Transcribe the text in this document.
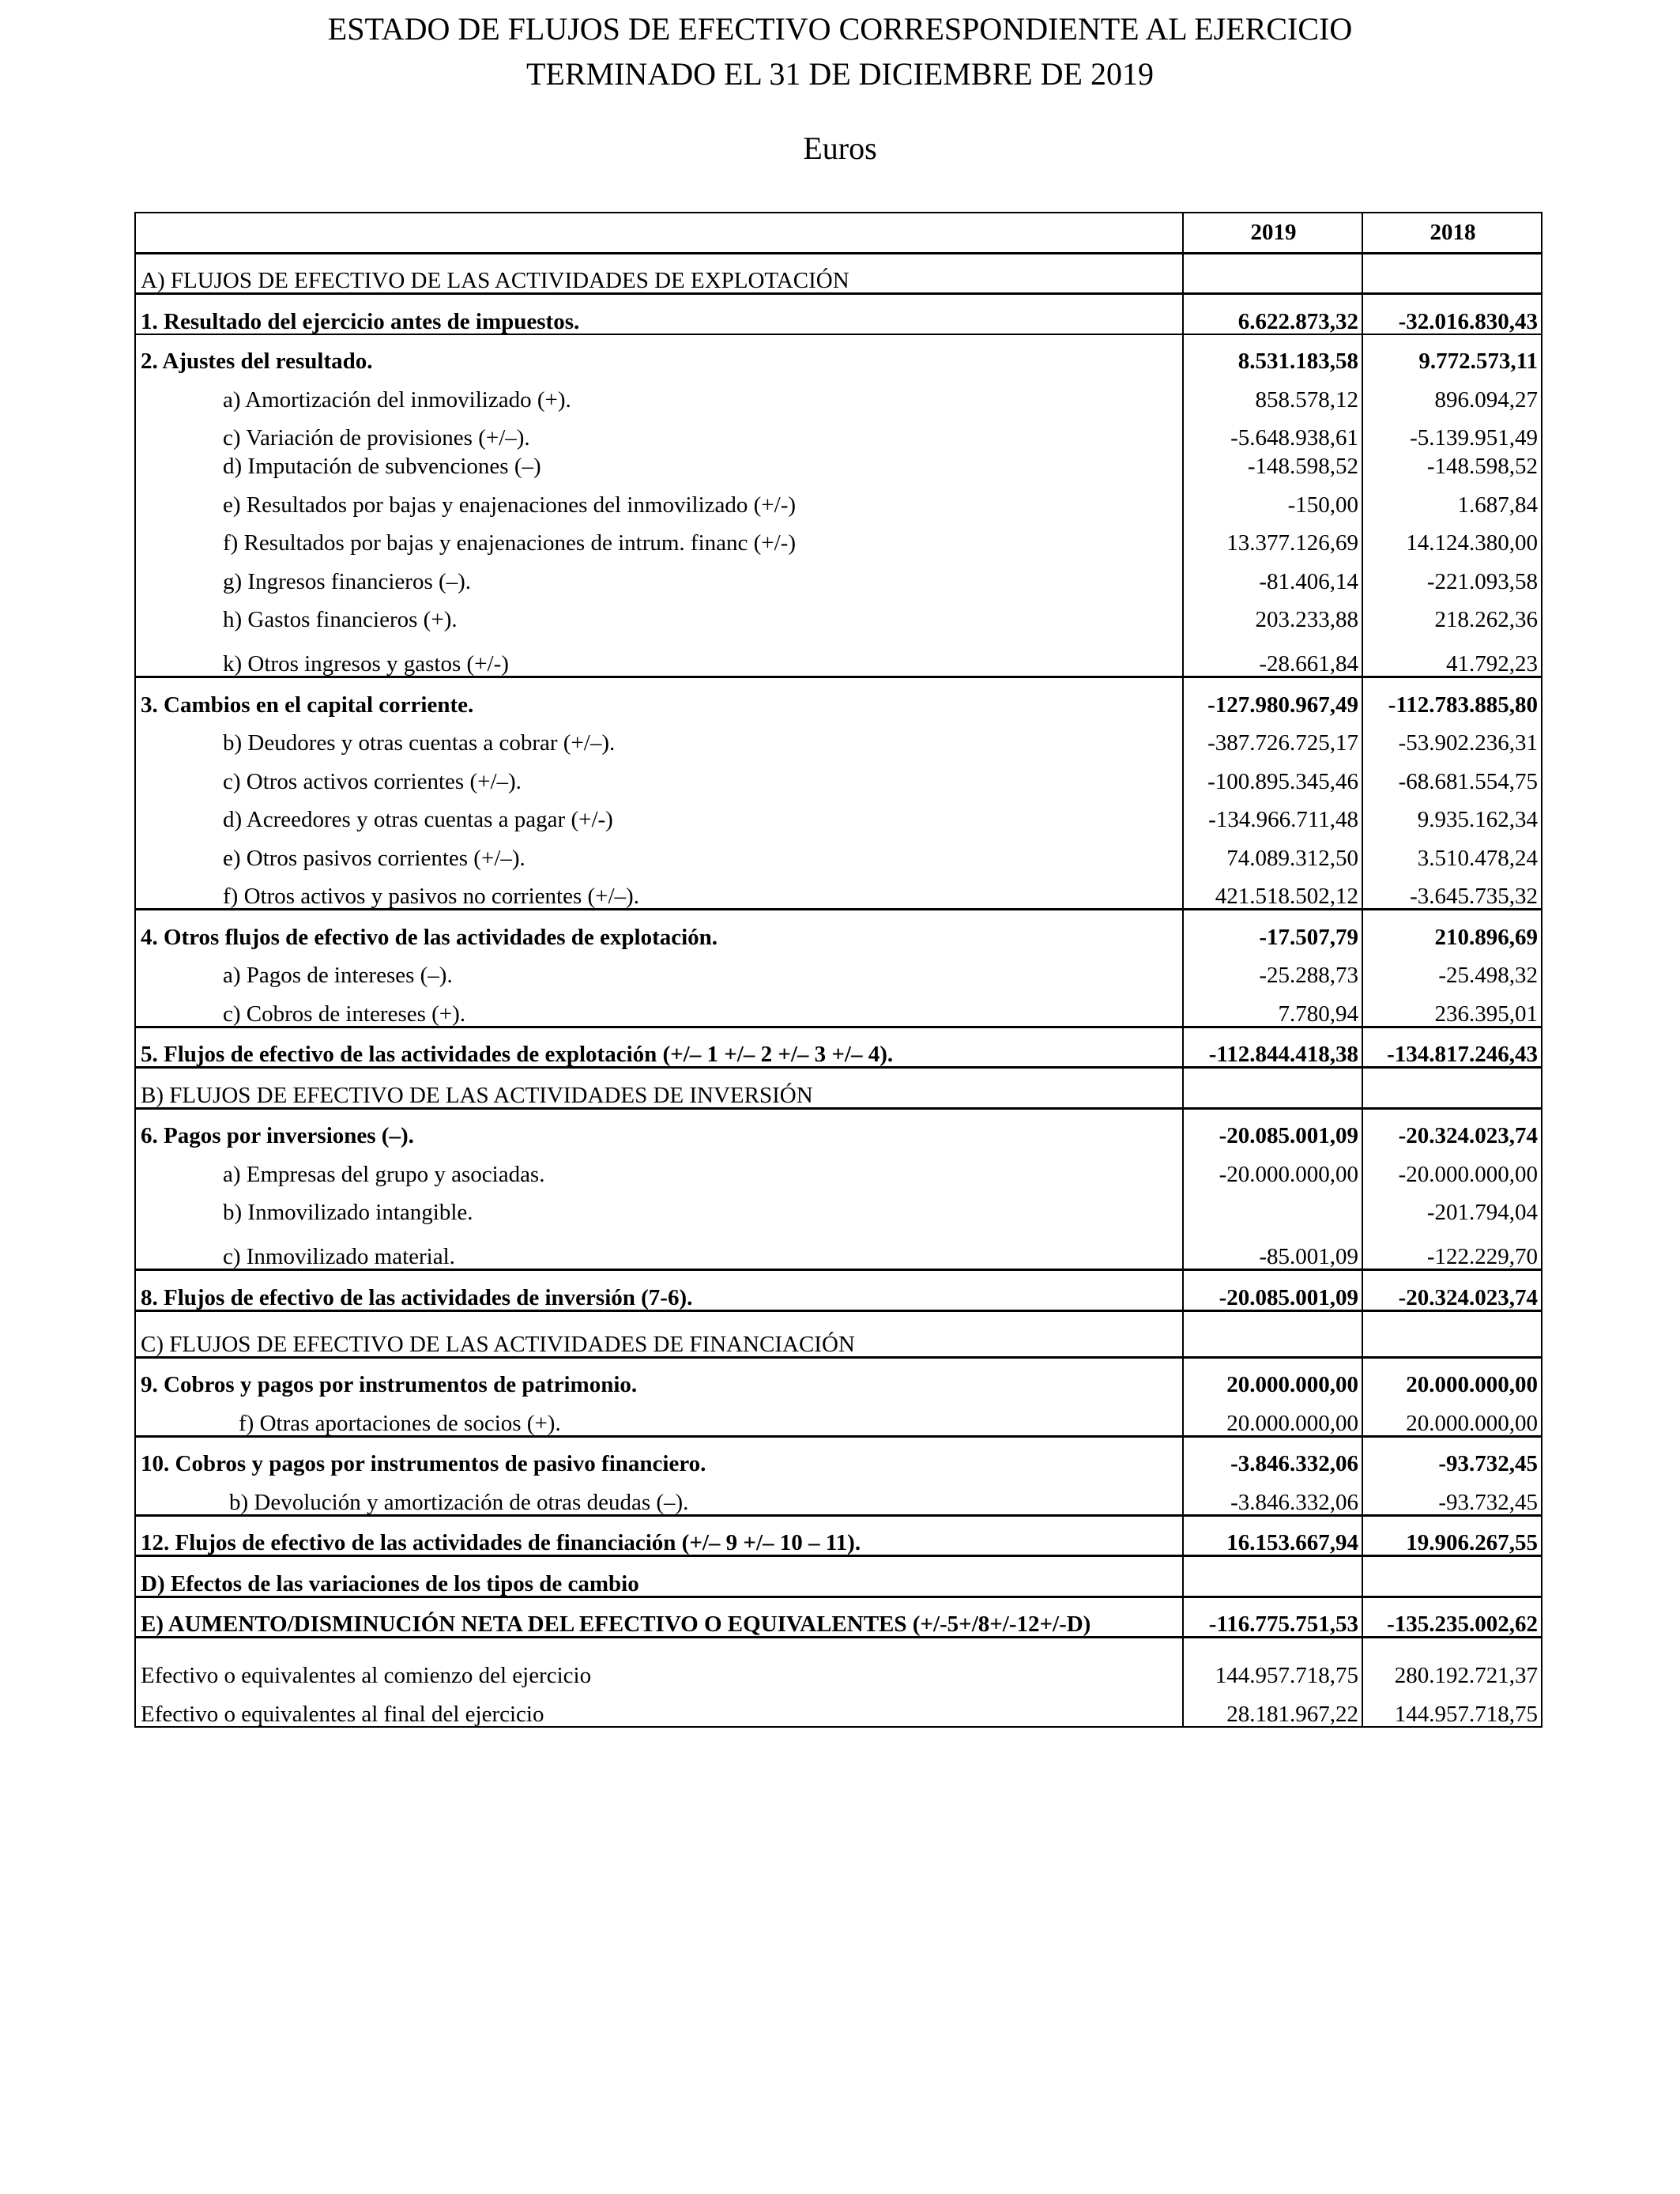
ESTADO DE FLUJOS DE EFECTIVO CORRESPONDIENTE AL EJERCICIO
TERMINADO EL 31 DE DICIEMBRE DE 2019
Euros
	2019	2018
A) FLUJOS DE EFECTIVO DE LAS ACTIVIDADES DE EXPLOTACIÓN		
1. Resultado del ejercicio antes de impuestos.	6.622.873,32	-32.016.830,43
2. Ajustes del resultado.	8.531.183,58	9.772.573,11
a) Amortización del inmovilizado (+).	858.578,12	896.094,27
c) Variación de provisiones (+/–).	-5.648.938,61	-5.139.951,49
d) Imputación de subvenciones (–)	-148.598,52	-148.598,52
e) Resultados por bajas y enajenaciones del inmovilizado (+/-)	-150,00	1.687,84
f) Resultados por bajas y enajenaciones de intrum. financ (+/-)	13.377.126,69	14.124.380,00
g) Ingresos financieros (–).	-81.406,14	-221.093,58
h) Gastos financieros (+).	203.233,88	218.262,36
k) Otros ingresos y gastos (+/-)	-28.661,84	41.792,23
3. Cambios en el capital corriente.	-127.980.967,49	-112.783.885,80
b) Deudores y otras cuentas a cobrar (+/–).	-387.726.725,17	-53.902.236,31
c) Otros activos corrientes (+/–).	-100.895.345,46	-68.681.554,75
d) Acreedores y otras cuentas a pagar (+/-)	-134.966.711,48	9.935.162,34
e) Otros pasivos corrientes (+/–).	74.089.312,50	3.510.478,24
f) Otros activos y pasivos no corrientes (+/–).	421.518.502,12	-3.645.735,32
4. Otros flujos de efectivo de las actividades de explotación.	-17.507,79	210.896,69
a) Pagos de intereses (–).	-25.288,73	-25.498,32
c) Cobros de intereses (+).	7.780,94	236.395,01
5. Flujos de efectivo de las actividades de explotación (+/– 1 +/– 2 +/– 3 +/– 4).	-112.844.418,38	-134.817.246,43
B) FLUJOS DE EFECTIVO DE LAS ACTIVIDADES DE INVERSIÓN		
6. Pagos por inversiones (–).	-20.085.001,09	-20.324.023,74
a) Empresas del grupo y asociadas.	-20.000.000,00	-20.000.000,00
b) Inmovilizado intangible.		-201.794,04
c) Inmovilizado material.	-85.001,09	-122.229,70
8. Flujos de efectivo de las actividades de inversión (7-6).	-20.085.001,09	-20.324.023,74
C) FLUJOS DE EFECTIVO DE LAS ACTIVIDADES DE FINANCIACIÓN		
9. Cobros y pagos por instrumentos de patrimonio.	20.000.000,00	20.000.000,00
f) Otras aportaciones de socios (+).	20.000.000,00	20.000.000,00
10. Cobros y pagos por instrumentos de pasivo financiero.	-3.846.332,06	-93.732,45
b) Devolución y amortización de otras deudas (–).	-3.846.332,06	-93.732,45
12. Flujos de efectivo de las actividades de financiación (+/– 9 +/– 10 – 11).	16.153.667,94	19.906.267,55
D) Efectos de las variaciones de los tipos de cambio		
E) AUMENTO/DISMINUCIÓN NETA DEL EFECTIVO O EQUIVALENTES (+/-5+/8+/-12+/-D)	-116.775.751,53	-135.235.002,62
Efectivo o equivalentes al comienzo del ejercicio	144.957.718,75	280.192.721,37
Efectivo o equivalentes al final del ejercicio	28.181.967,22	144.957.718,75
